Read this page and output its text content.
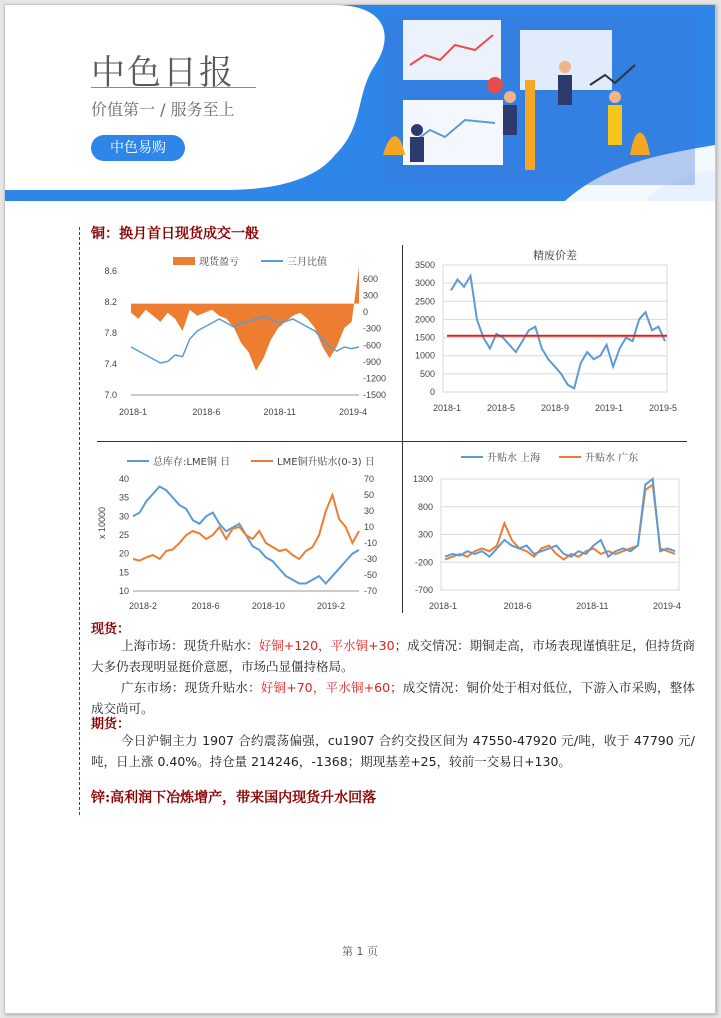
中色日报
价值第一 / 服务至上
中色易购
铜：换月首日现货成交一般
现货盈亏	三月比值
8.6
8.2
7.8
7.4
7.0
600
300
0
-300
-600
-900
-1200
-1500
2018-1	2018-6	2018-11	2019-4
精废价差
3500
3000
2500
2000
1500
1000
500
0
2018-1	2018-5	2018-9	2019-1	2019-5
总库存:LME铜 日	LME铜升贴水(0-3) 日
x 10000
40
35
30
25
20
15
10
70
50
30
10
-10
-30
-50
-70
2018-2	2018-6	2018-10	2019-2
升贴水 上海	升贴水 广东
1300
800
300
-200
-700
2018-1	2018-6	2018-11	2019-4
现货：
上海市场：现货升贴水：好铜+120，平水铜+30；成交情况：期铜走高，市场表现谨慎驻足，但持货商大多仍表现明显挺价意愿，市场凸显僵持格局。
广东市场：现货升贴水：好铜+70，平水铜+60；成交情况：铜价处于相对低位，下游入市采购，整体成交尚可。
期货：
今日沪铜主力 1907 合约震荡偏强，cu1907 合约交投区间为 47550-47920 元/吨，收于 47790 元/吨，日上涨 0.40%。持仓量 214246，-1368；期现基差+25，较前一交易日+130。
锌:高利润下冶炼增产，带来国内现货升水回落
第 1 页
